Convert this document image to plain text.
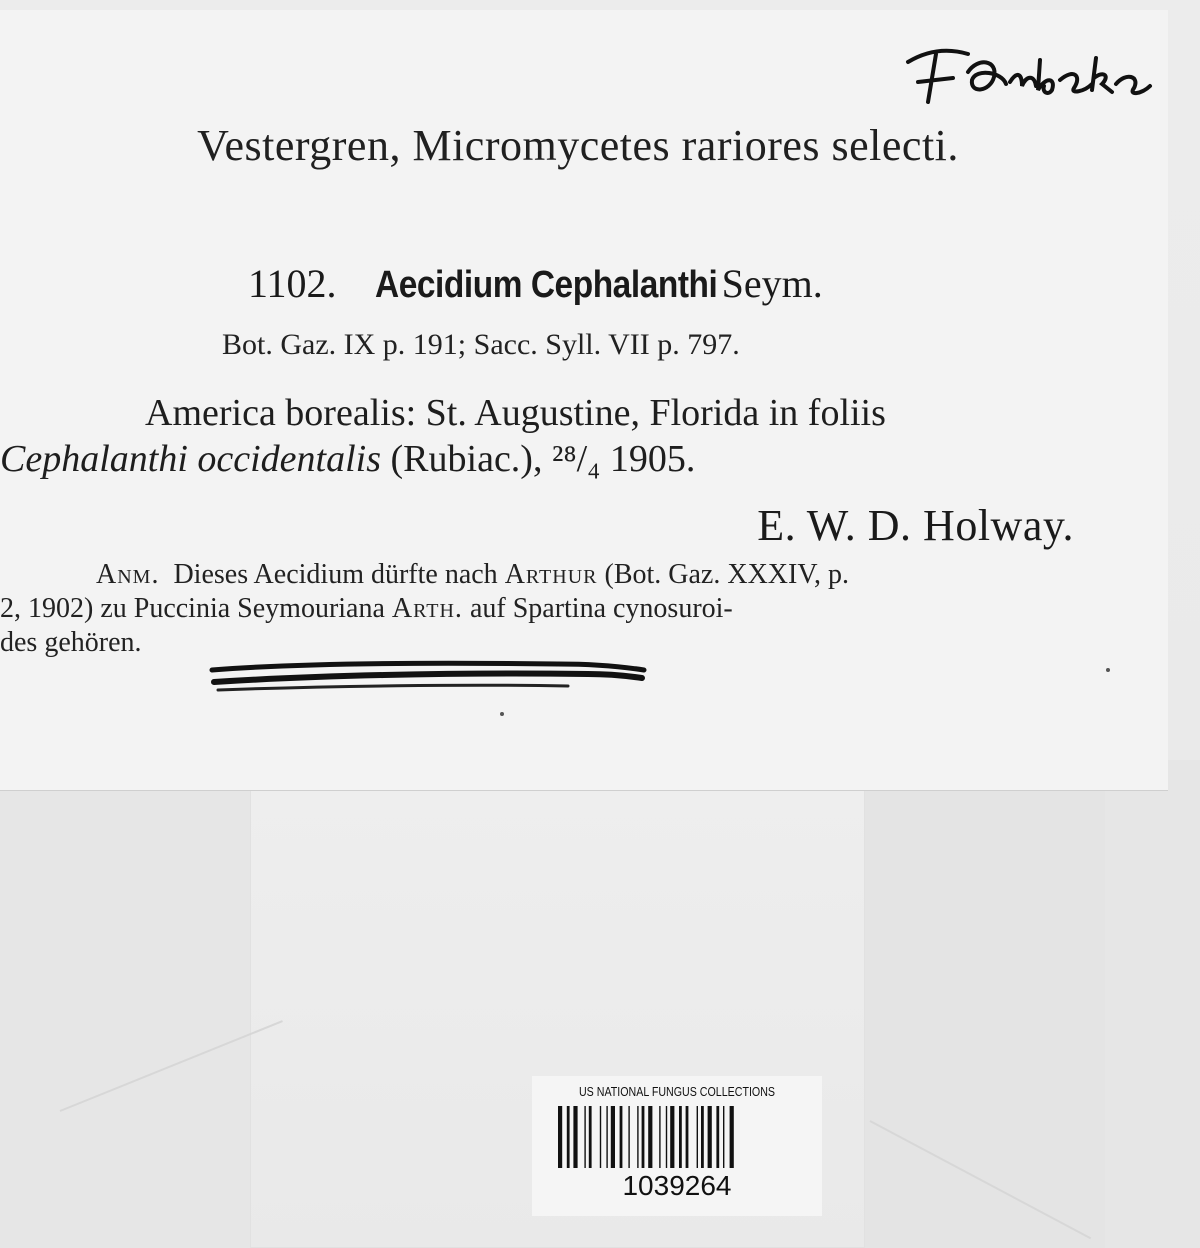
Vestergren, Micromycetes rariores selecti.
1102. Aecidium Cephalanthi Seym.
Bot. Gaz. IX p. 191; Sacc. Syll. VII p. 797.
America borealis: St. Augustine, Florida in foliis
Cephalanthi occidentalis (Rubiac.), ²⁸/₄ 1905.
E. W. D. Holway.
Anm. Dieses Aecidium dürfte nach Arthur (Bot. Gaz. XXXIV, p.
2, 1902) zu Puccinia Seymouriana Arth. auf Spartina cynosuroi-
des gehören.
US NATIONAL FUNGUS COLLECTIONS
1039264
